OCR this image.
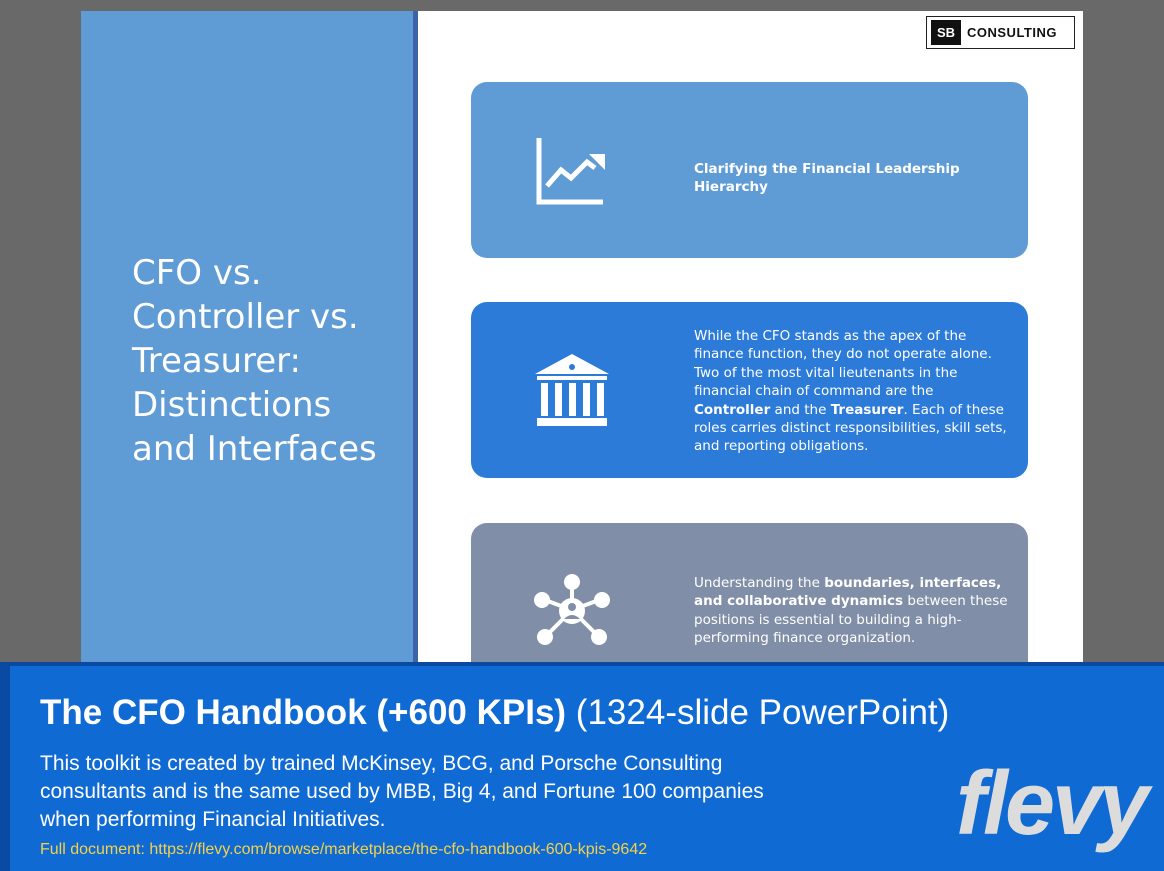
CFO vs. Controller vs. Treasurer: Distinctions and Interfaces
SB CONSULTING
Clarifying the Financial Leadership Hierarchy
While the CFO stands as the apex of the finance function, they do not operate alone. Two of the most vital lieutenants in the financial chain of command are the Controller and the Treasurer. Each of these roles carries distinct responsibilities, skill sets, and reporting obligations.
Understanding the boundaries, interfaces, and collaborative dynamics between these positions is essential to building a high-performing finance organization.
The CFO Handbook (+600 KPIs) (1324-slide PowerPoint)
This toolkit is created by trained McKinsey, BCG, and Porsche Consulting consultants and is the same used by MBB, Big 4, and Fortune 100 companies when performing Financial Initiatives.
Full document: https://flevy.com/browse/marketplace/the-cfo-handbook-600-kpis-9642	flevy
